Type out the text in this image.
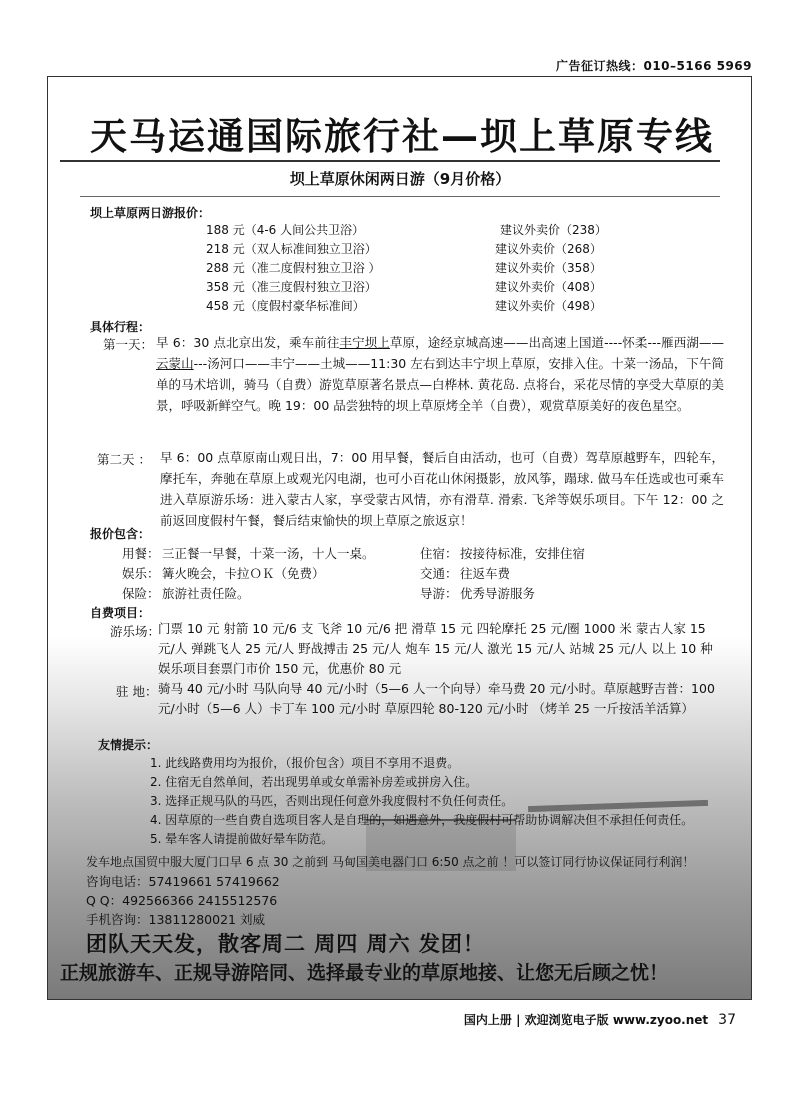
广告征订热线：010–5166 5969
天马运通国际旅行社—坝上草原专线
坝上草原休闲两日游（9月价格）
坝上草原两日游报价：
188 元（4-6 人间公共卫浴）	建议外卖价（238）
218 元（双人标准间独立卫浴）	建议外卖价（268）
288 元（准二度假村独立卫浴 ）	建议外卖价（358）
358 元（准三度假村独立卫浴）	建议外卖价（408）
458 元（度假村豪华标准间）	建议外卖价（498）
具体行程：
第一天： 早 6：30 点北京出发，乘车前往丰宁坝上草原，途经京城高速——出高速上国道----怀柔---雁西湖——云蒙山---汤河口——丰宁——土城——11:30 左右到达丰宁坝上草原，安排入住。十菜一汤品，下午简单的马术培训，骑马（自费）游览草原著名景点—白桦林. 黄花岛. 点将台，采花尽情的享受大草原的美景，呼吸新鲜空气。晚 19：00 品尝独特的坝上草原烤全羊（自费），观赏草原美好的夜色星空。
第二天 ： 早 6：00 点草原南山观日出，7：00 用早餐，餐后自由活动，也可（自费）驾草原越野车，四轮车，摩托车，奔驰在草原上或观光闪电湖，也可小百花山休闲摄影，放风筝，蹋球. 做马车任选或也可乘车进入草原游乐场：进入蒙古人家，享受蒙古风情，亦有滑草. 滑索. 飞斧等娱乐项目。下午 12：00 之前返回度假村午餐，餐后结束愉快的坝上草原之旅返京！
报价包含：
用餐： 三正餐一早餐，十菜一汤，十人一桌。	住宿： 按接待标准，安排住宿
娱乐： 篝火晚会，卡拉ＯＫ（免费）	交通： 往返车费
保险： 旅游社责任险。	导游： 优秀导游服务
自费项目：
游乐场：
门票 10 元 射箭 10 元/6 支 飞斧 10 元/6 把 滑草 15 元 四轮摩托 25 元/圈 1000 米 蒙古人家 15 元/人 弹跳飞人 25 元/人 野战搏击 25 元/人 炮车 15 元/人 激光 15 元/人 站城 25 元/人 以上 10 种娱乐项目套票门市价 150 元，优惠价 80 元
驻 地： 骑马 40 元/小时 马队向导 40 元/小时（5—6 人一个向导）牵马费 20 元/小时。草原越野吉普：100 元/小时（5—6 人）卡丁车 100 元/小时 草原四轮 80-120 元/小时 （烤羊 25 一斤按活羊活算）
友情提示：
1. 此线路费用均为报价，（报价包含）项目不享用不退费。
2. 住宿无自然单间，若出现男单或女单需补房差或拼房入住。
3. 选择正规马队的马匹，否则出现任何意外我度假村不负任何责任。
4. 因草原的一些自费自选项目客人是自理的，如遇意外，我度假村可帮助协调解决但不承担任何责任。
5. 晕车客人请提前做好晕车防范。
发车地点国贸中服大厦门口早 6 点 30 之前到 马甸国美电器门口 6:50 点之前 ！可以签订同行协议保证同行利润！
咨询电话：57419661 57419662
Q Q：492566366 2415512576
手机咨询：13811280021 刘威
团队天天发，散客周二 周四 周六 发团！
正规旅游车、正规导游陪同、选择最专业的草原地接、让您无后顾之忧！
国内上册 | 欢迎浏览电子版 www.zyoo.net 37
